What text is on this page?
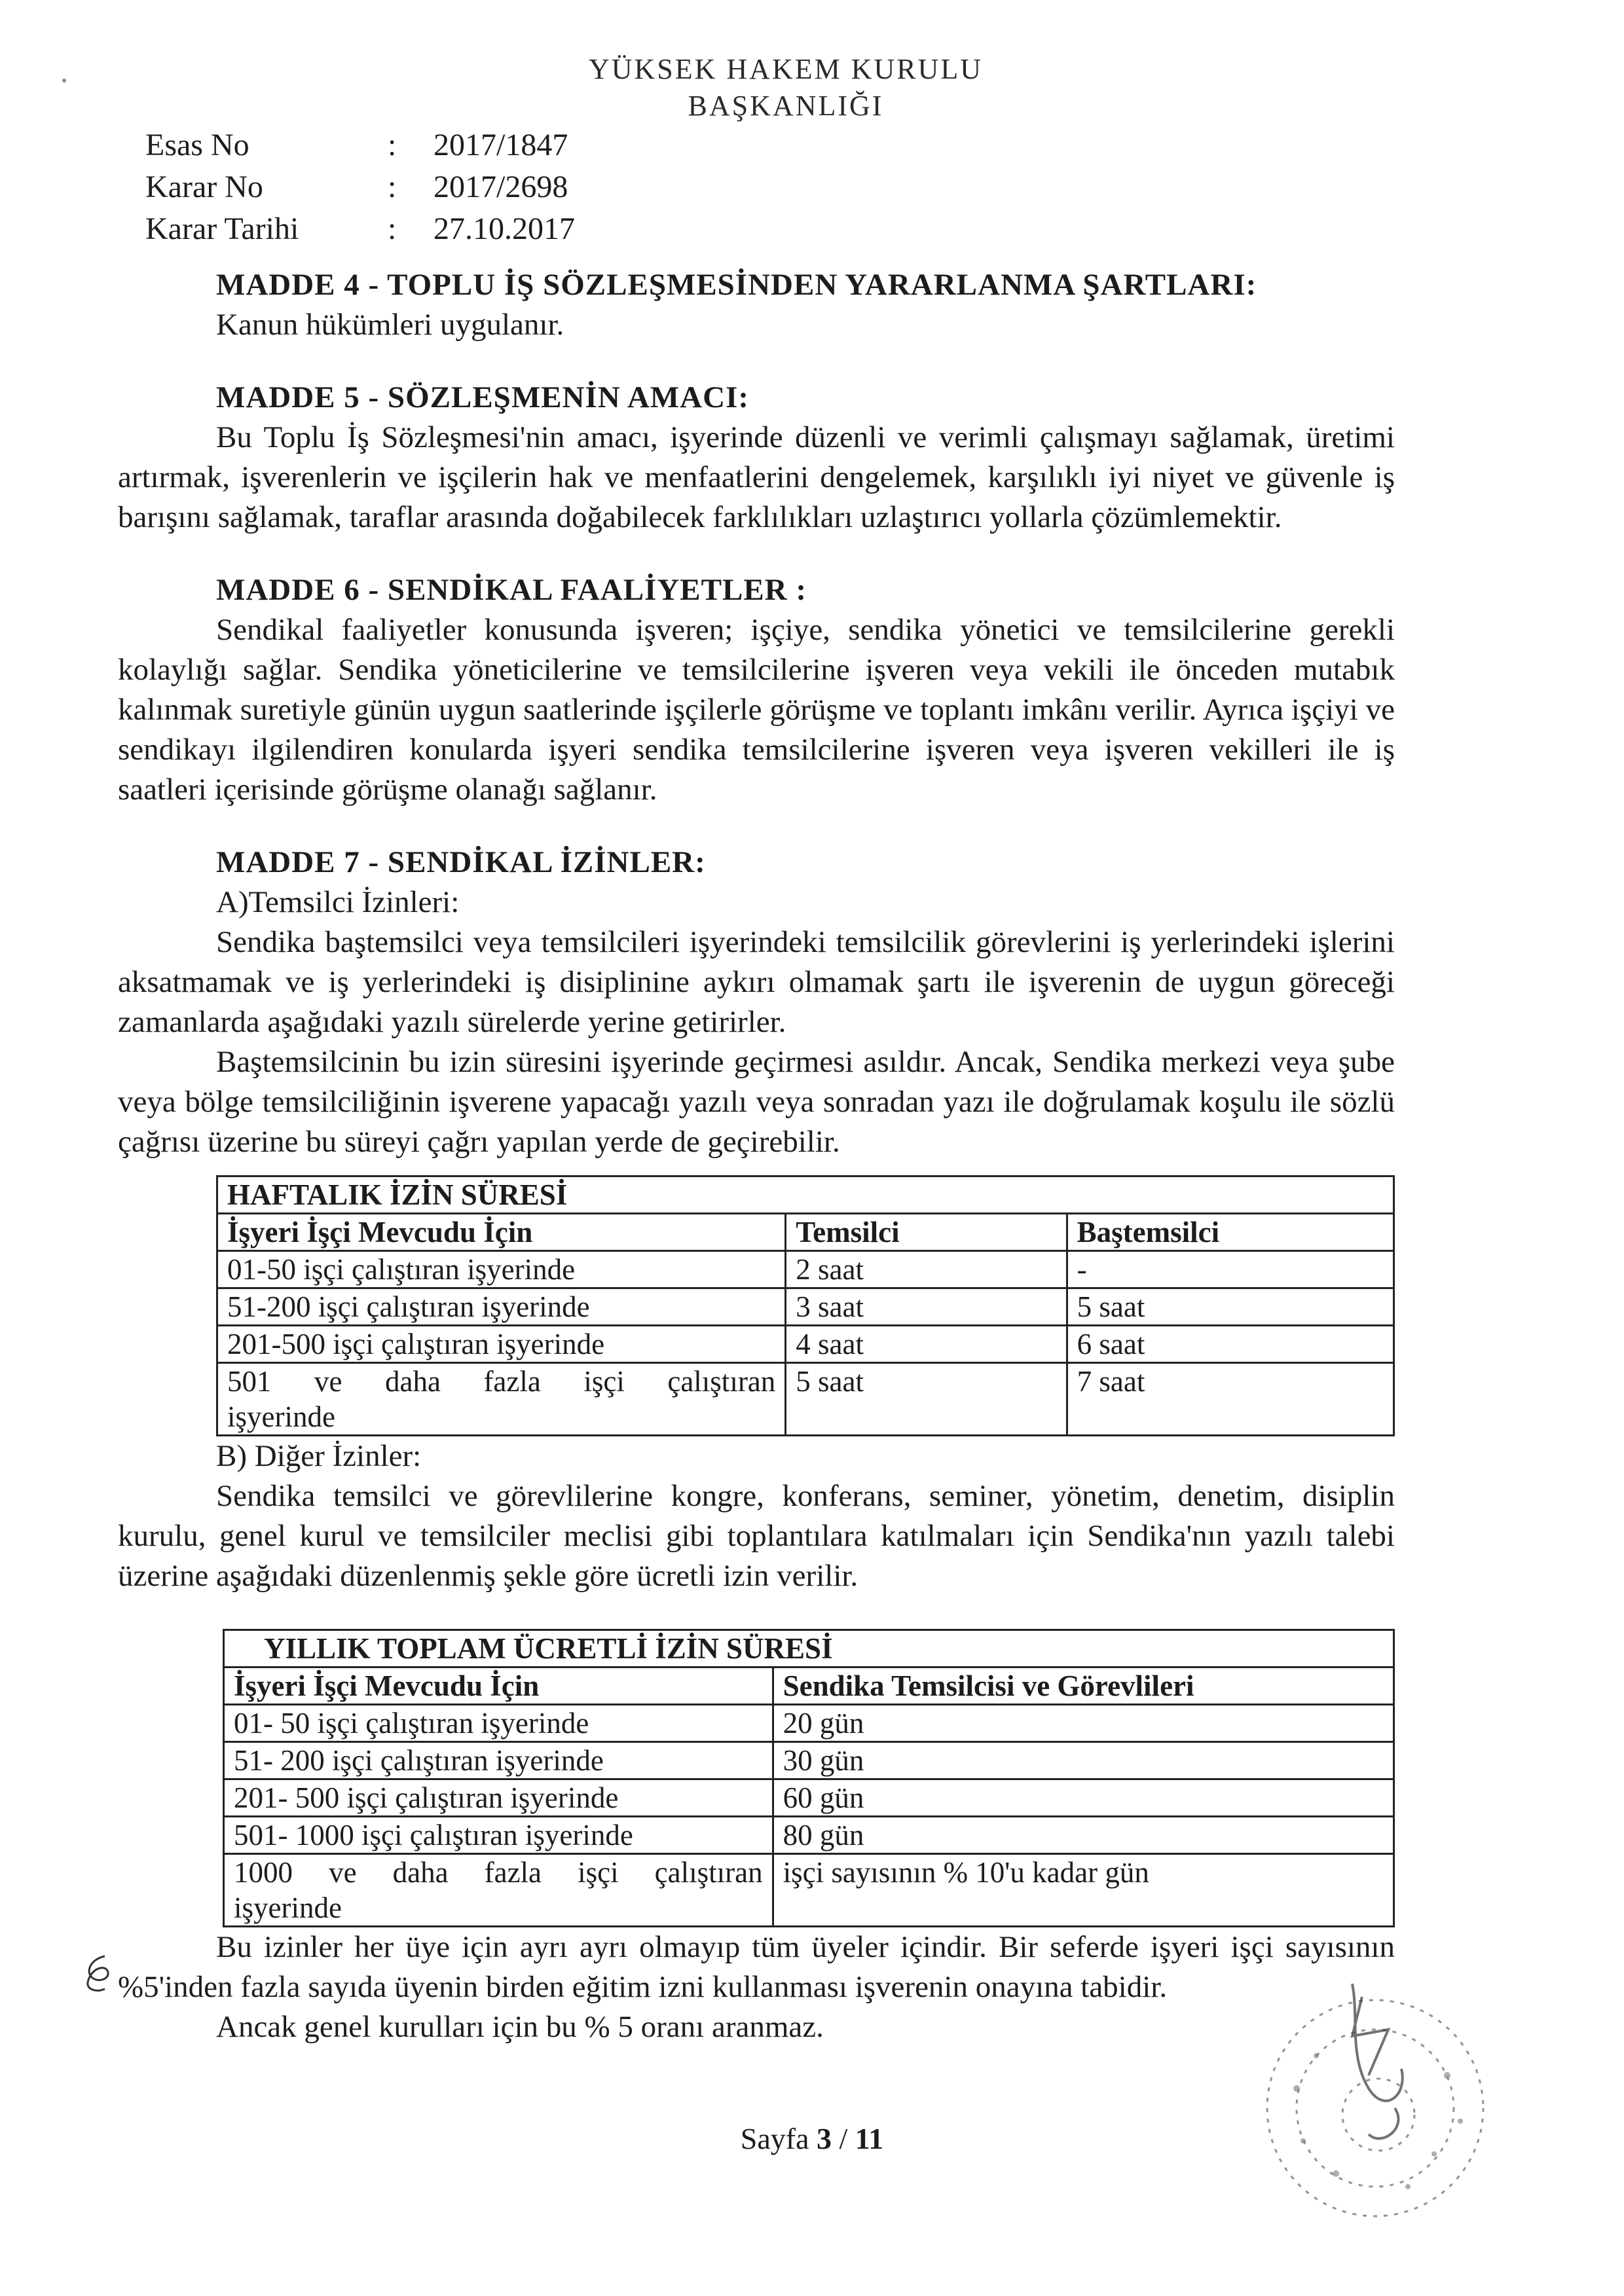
YÜKSEK HAKEM KURULU
BAŞKANLIĞI
Esas No	:	2017/1847
Karar No	:	2017/2698
Karar Tarihi	:	27.10.2017
MADDE 4 - TOPLU İŞ SÖZLEŞMESİNDEN YARARLANMA ŞARTLARI:
Kanun hükümleri uygulanır.
MADDE 5 - SÖZLEŞMENİN AMACI:
Bu Toplu İş Sözleşmesi'nin amacı, işyerinde düzenli ve verimli çalışmayı sağlamak, üretimi artırmak, işverenlerin ve işçilerin hak ve menfaatlerini dengelemek, karşılıklı iyi niyet ve güvenle iş barışını sağlamak, taraflar arasında doğabilecek farklılıkları uzlaştırıcı yollarla çözümlemektir.
MADDE 6 - SENDİKAL FAALİYETLER :
Sendikal faaliyetler konusunda işveren; işçiye, sendika yönetici ve temsilcilerine gerekli kolaylığı sağlar. Sendika yöneticilerine ve temsilcilerine işveren veya vekili ile önceden mutabık kalınmak suretiyle günün uygun saatlerinde işçilerle görüşme ve toplantı imkânı verilir. Ayrıca işçiyi ve sendikayı ilgilendiren konularda işyeri sendika temsilcilerine işveren veya işveren vekilleri ile iş saatleri içerisinde görüşme olanağı sağlanır.
MADDE 7 - SENDİKAL İZİNLER:
A)Temsilci İzinleri:
Sendika baştemsilci veya temsilcileri işyerindeki temsilcilik görevlerini iş yerlerindeki işlerini aksatmamak ve iş yerlerindeki iş disiplinine aykırı olmamak şartı ile işverenin de uygun göreceği zamanlarda aşağıdaki yazılı sürelerde yerine getirirler.
Baştemsilcinin bu izin süresini işyerinde geçirmesi asıldır. Ancak, Sendika merkezi veya şube veya bölge temsilciliğinin işverene yapacağı yazılı veya sonradan yazı ile doğrulamak koşulu ile sözlü çağrısı üzerine bu süreyi çağrı yapılan yerde de geçirebilir.
HAFTALIK İZİN SÜRESİ		
İşyeri İşçi Mevcudu İçin	Temsilci	Baştemsilci
01-50 işçi çalıştıran işyerinde	2 saat	-
51-200 işçi çalıştıran işyerinde	3 saat	5 saat
201-500 işçi çalıştıran işyerinde	4 saat	6 saat

501 ve daha fazla işçi çalıştıran
işyerinde	5 saat	7 saat
B) Diğer İzinler:
Sendika temsilci ve görevlilerine kongre, konferans, seminer, yönetim, denetim, disiplin kurulu, genel kurul ve temsilciler meclisi gibi toplantılara katılmaları için Sendika'nın yazılı talebi üzerine aşağıdaki düzenlenmiş şekle göre ücretli izin verilir.
YILLIK TOPLAM ÜCRETLİ İZİN SÜRESİ	
İşyeri İşçi Mevcudu İçin	Sendika Temsilcisi ve Görevlileri
01- 50 işçi çalıştıran işyerinde	20 gün
51- 200 işçi çalıştıran işyerinde	30 gün
201- 500 işçi çalıştıran işyerinde	60 gün
501- 1000 işçi çalıştıran işyerinde	80 gün

1000 ve daha fazla işçi çalıştıran
işyerinde	işçi sayısının % 10'u kadar gün
Bu izinler her üye için ayrı ayrı olmayıp tüm üyeler içindir. Bir seferde işyeri işçi sayısının %5'inden fazla sayıda üyenin birden eğitim izni kullanması işverenin onayına tabidir.
Ancak genel kurulları için bu % 5 oranı aranmaz.
Sayfa 3 / 11
